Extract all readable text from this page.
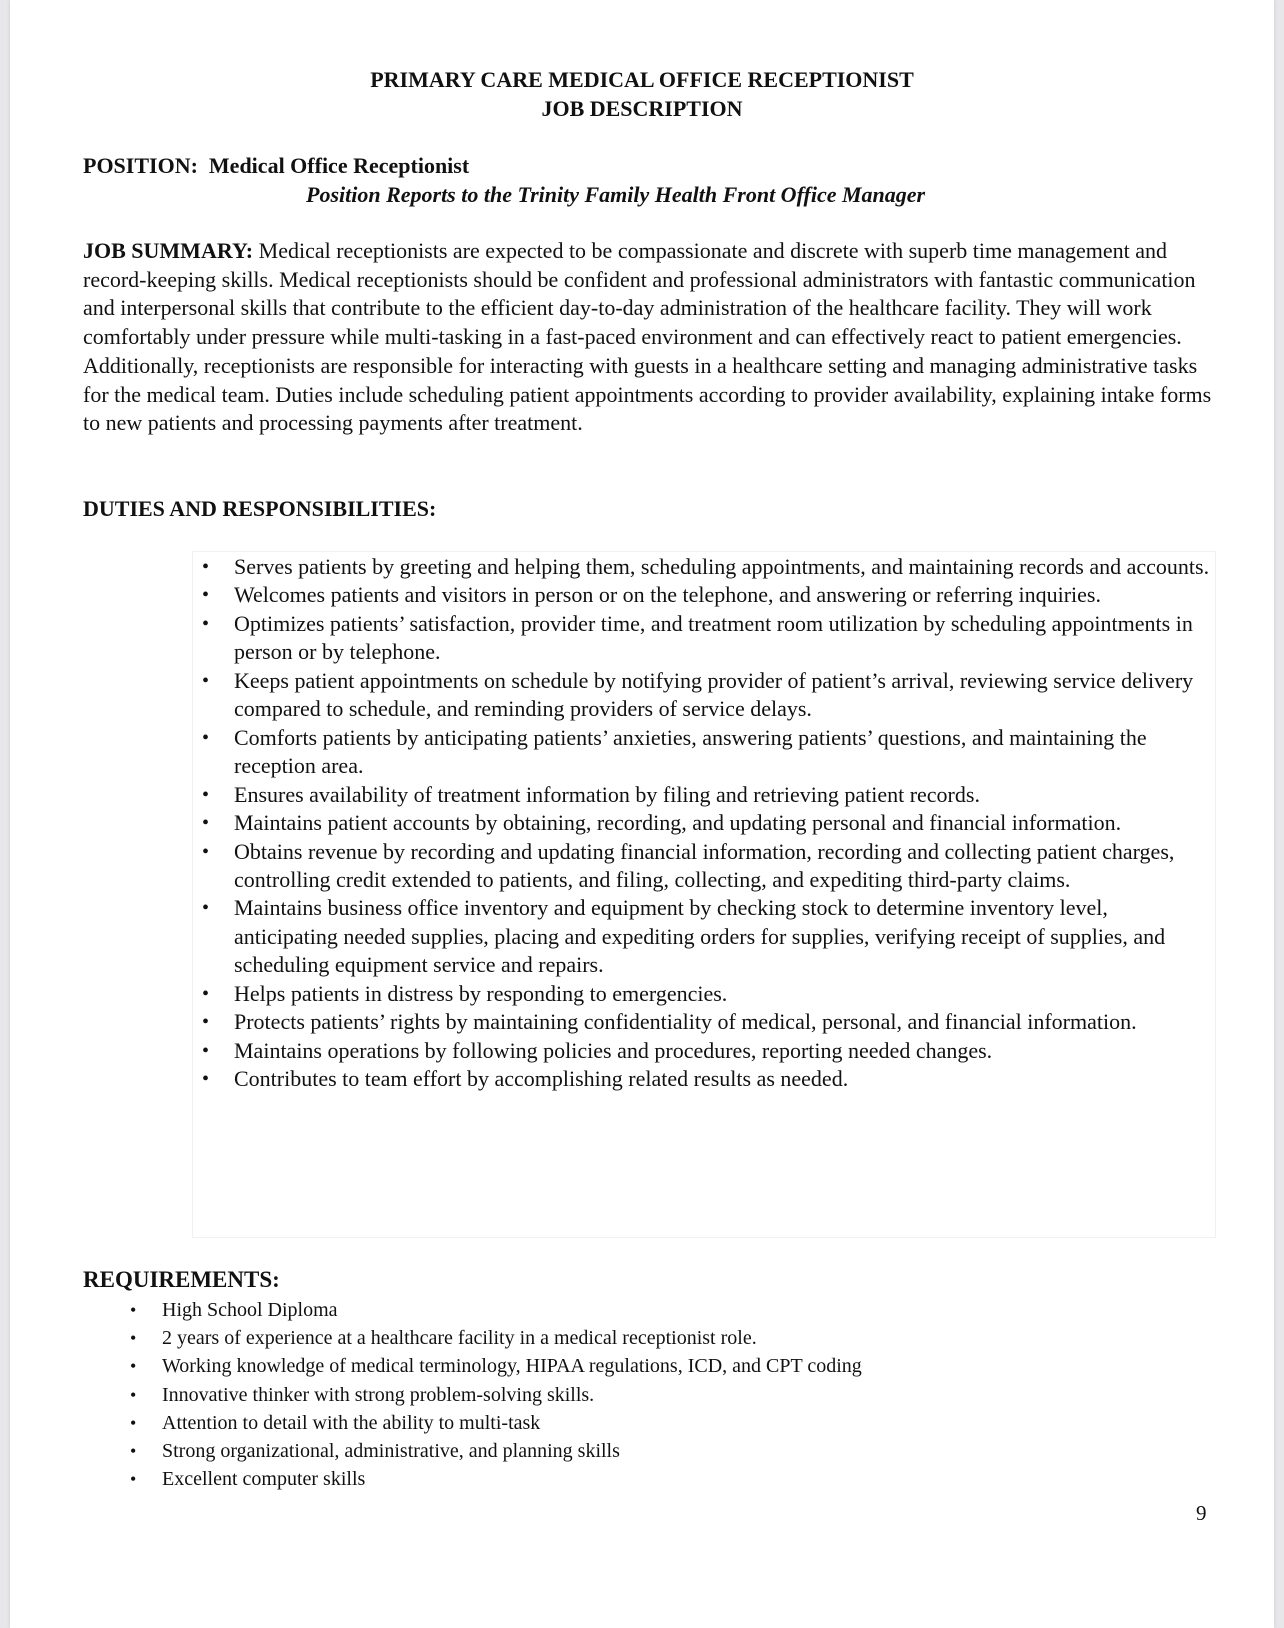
PRIMARY CARE MEDICAL OFFICE RECEPTIONIST
JOB DESCRIPTION
POSITION: Medical Office Receptionist
Position Reports to the Trinity Family Health Front Office Manager

JOB SUMMARY: Medical receptionists are expected to be compassionate and discrete with superb time management and record-keeping skills. Medical receptionists should be confident and professional administrators with fantastic communication and interpersonal skills that contribute to the efficient day-to-day administration of the healthcare facility. They will work comfortably under pressure while multi-tasking in a fast-paced environment and can effectively react to patient emergencies. Additionally, receptionists are responsible for interacting with guests in a healthcare setting and managing administrative tasks for the medical team. Duties include scheduling patient appointments according to provider availability, explaining intake forms to new patients and processing payments after treatment.

DUTIES AND RESPONSIBILITIES:
• Serves patients by greeting and helping them, scheduling appointments, and maintaining records and accounts.
• Welcomes patients and visitors in person or on the telephone, and answering or referring inquiries.
• Optimizes patients’ satisfaction, provider time, and treatment room utilization by scheduling appointments in person or by telephone.
• Keeps patient appointments on schedule by notifying provider of patient’s arrival, reviewing service delivery compared to schedule, and reminding providers of service delays.
• Comforts patients by anticipating patients’ anxieties, answering patients’ questions, and maintaining the reception area.
• Ensures availability of treatment information by filing and retrieving patient records.
• Maintains patient accounts by obtaining, recording, and updating personal and financial information.
• Obtains revenue by recording and updating financial information, recording and collecting patient charges, controlling credit extended to patients, and filing, collecting, and expediting third-party claims.
• Maintains business office inventory and equipment by checking stock to determine inventory level, anticipating needed supplies, placing and expediting orders for supplies, verifying receipt of supplies, and scheduling equipment service and repairs.
• Helps patients in distress by responding to emergencies.
• Protects patients’ rights by maintaining confidentiality of medical, personal, and financial information.
• Maintains operations by following policies and procedures, reporting needed changes.
• Contributes to team effort by accomplishing related results as needed.
REQUIREMENTS:
• High School Diploma
• 2 years of experience at a healthcare facility in a medical receptionist role.
• Working knowledge of medical terminology, HIPAA regulations, ICD, and CPT coding
• Innovative thinker with strong problem-solving skills.
• Attention to detail with the ability to multi-task
• Strong organizational, administrative, and planning skills
• Excellent computer skills
9
